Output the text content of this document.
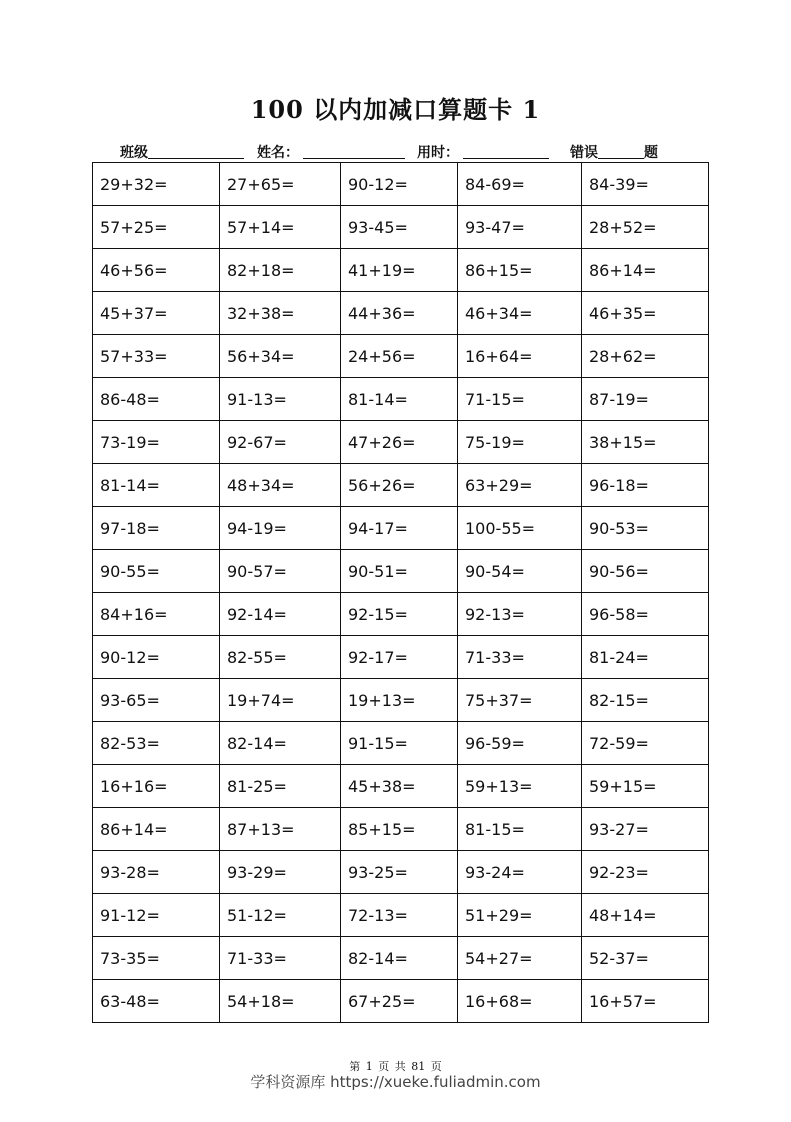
100 以内加减口算题卡 1
班级	姓名：	用时：	错误	题
29+32=	27+65=	90-12=	84-69=	84-39=
57+25=	57+14=	93-45=	93-47=	28+52=
46+56=	82+18=	41+19=	86+15=	86+14=
45+37=	32+38=	44+36=	46+34=	46+35=
57+33=	56+34=	24+56=	16+64=	28+62=
86-48=	91-13=	81-14=	71-15=	87-19=
73-19=	92-67=	47+26=	75-19=	38+15=
81-14=	48+34=	56+26=	63+29=	96-18=
97-18=	94-19=	94-17=	100-55=	90-53=
90-55=	90-57=	90-51=	90-54=	90-56=
84+16=	92-14=	92-15=	92-13=	96-58=
90-12=	82-55=	92-17=	71-33=	81-24=
93-65=	19+74=	19+13=	75+37=	82-15=
82-53=	82-14=	91-15=	96-59=	72-59=
16+16=	81-25=	45+38=	59+13=	59+15=
86+14=	87+13=	85+15=	81-15=	93-27=
93-28=	93-29=	93-25=	93-24=	92-23=
91-12=	51-12=	72-13=	51+29=	48+14=
73-35=	71-33=	82-14=	54+27=	52-37=
63-48=	54+18=	67+25=	16+68=	16+57=
第 1 页 共 81 页
学科资源库 https://xueke.fuliadmin.com
